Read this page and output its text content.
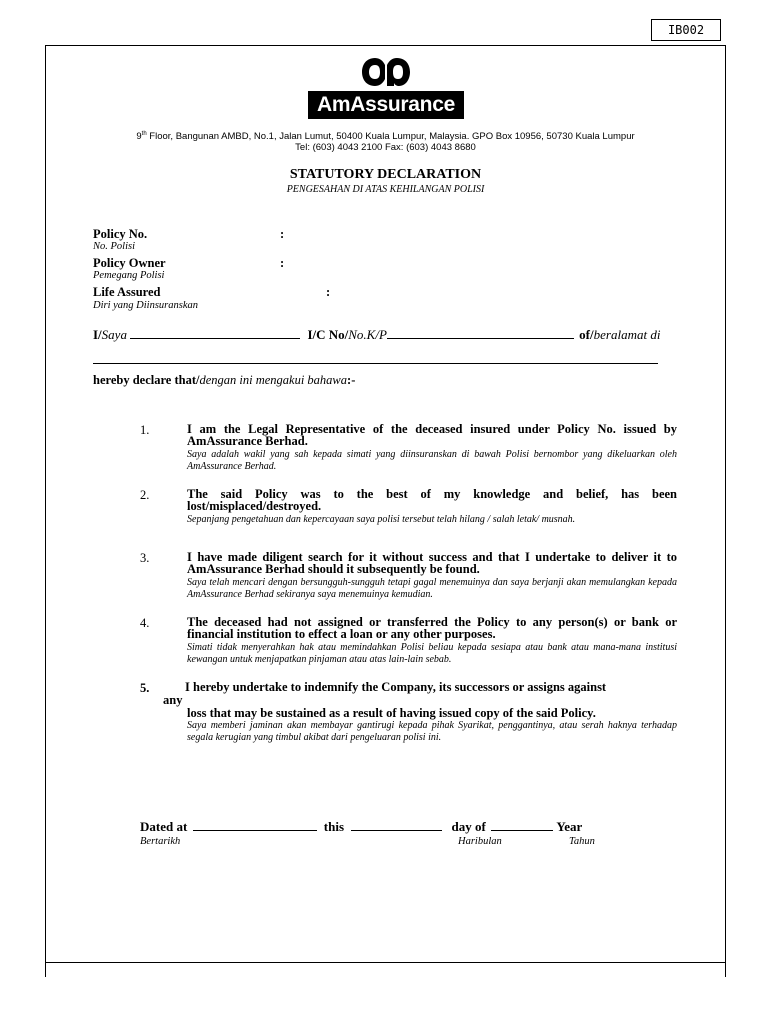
IB002
AmAssurance
9th Floor, Bangunan AMBD, No.1, Jalan Lumut, 50400 Kuala Lumpur, Malaysia. GPO Box 10956, 50730 Kuala Lumpur
Tel: (603) 4043 2100 Fax: (603) 4043 8680
STATUTORY DECLARATION
PENGESAHAN DI ATAS KEHILANGAN POLISI
Policy No.	:
No. Polisi
Policy Owner	:
Pemegang Polisi
Life Assured	:
Diri yang Diinsuranskan
I/Saya	I/C No/No.K/P	of/beralamat di
hereby declare that/dengan ini mengakui bahawa:-
1.	I am the Legal Representative of the deceased insured under Policy No. issued by AmAssurance Berhad.
Saya adalah wakil yang sah kepada simati yang diinsuranskan di bawah Polisi bernombor yang dikeluarkan oleh AmAssurance Berhad.
2.	The said Policy was to the best of my knowledge and belief, has been lost/misplaced/destroyed.
Sepanjang pengetahuan dan kepercayaan saya polisi tersebut telah hilang / salah letak/ musnah.
3.	I have made diligent search for it without success and that I undertake to deliver it to AmAssurance Berhad should it subsequently be found.
Saya telah mencari dengan bersungguh-sungguh tetapi gagal menemuinya dan saya berjanji akan memulangkan kepada AmAssurance Berhad sekiranya saya menemuinya kemudian.
4.	The deceased had not assigned or transferred the Policy to any person(s) or bank or financial institution to effect a loan or any other purposes.
Simati tidak menyerahkan hak atau memindahkan Polisi beliau kepada sesiapa atau bank atau mana-mana institusi kewangan untuk menjapatkan pinjaman atau atas lain-lain sebab.
5.	I hereby undertake to indemnify the Company, its successors or assigns against
any
loss that may be sustained as a result of having issued copy of the said Policy.
Saya memberi jaminan akan membayar gantirugi kepada pihak Syarikat, penggantinya, atau serah haknya terhadap segala kerugian yang timbul akibat dari pengeluaran polisi ini.
Dated at	this	day of	Year
Bertarikh	Haribulan	Tahun
